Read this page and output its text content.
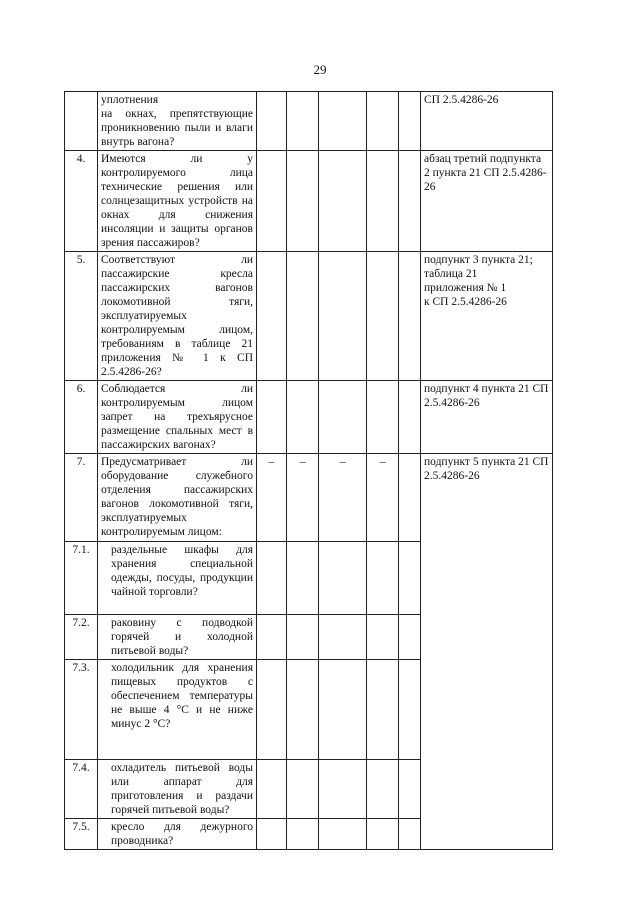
29
	уплотнения
на окнах, препятствующие проникновению пыли и влаги внутрь вагона?						СП 2.5.4286-26
4.	Имеются ли у контролируемого лица технические решения или солнцезащитных устройств на окнах для снижения инсоляции и защиты органов зрения пассажиров?						абзац третий подпункта 2 пункта 21 СП 2.5.4286-26
5.	Соответствуют ли пассажирские кресла пассажирских вагонов локомотивной тяги, эксплуатируемых контролируемым лицом, требованиям в таблице 21 приложения № 1 к СП 2.5.4286-26?						подпункт 3 пункта 21; таблица 21
приложения № 1
к СП 2.5.4286-26
6.	Соблюдается ли контролируемым лицом запрет на трехъярусное размещение спальных мест в пассажирских вагонах?						подпункт 4 пункта 21 СП 2.5.4286-26
7.	Предусматривает ли оборудование служебного отделения пассажирских вагонов локомотивной тяги, эксплуатируемых контролируемым лицом:	–	–	–	–		подпункт 5 пункта 21 СП 2.5.4286-26
7.1.	раздельные шкафы для хранения специальной одежды, посуды, продукции чайной торговли?						
7.2.	раковину с подводкой горячей и холодной питьевой воды?						
7.3.	холодильник для хранения пищевых продуктов с обеспечением температуры не выше 4 °С и не ниже минус 2 °С?						
7.4.	охладитель питьевой воды или аппарат для приготовления и раздачи горячей питьевой воды?						
7.5.	кресло для дежурного проводника?						
